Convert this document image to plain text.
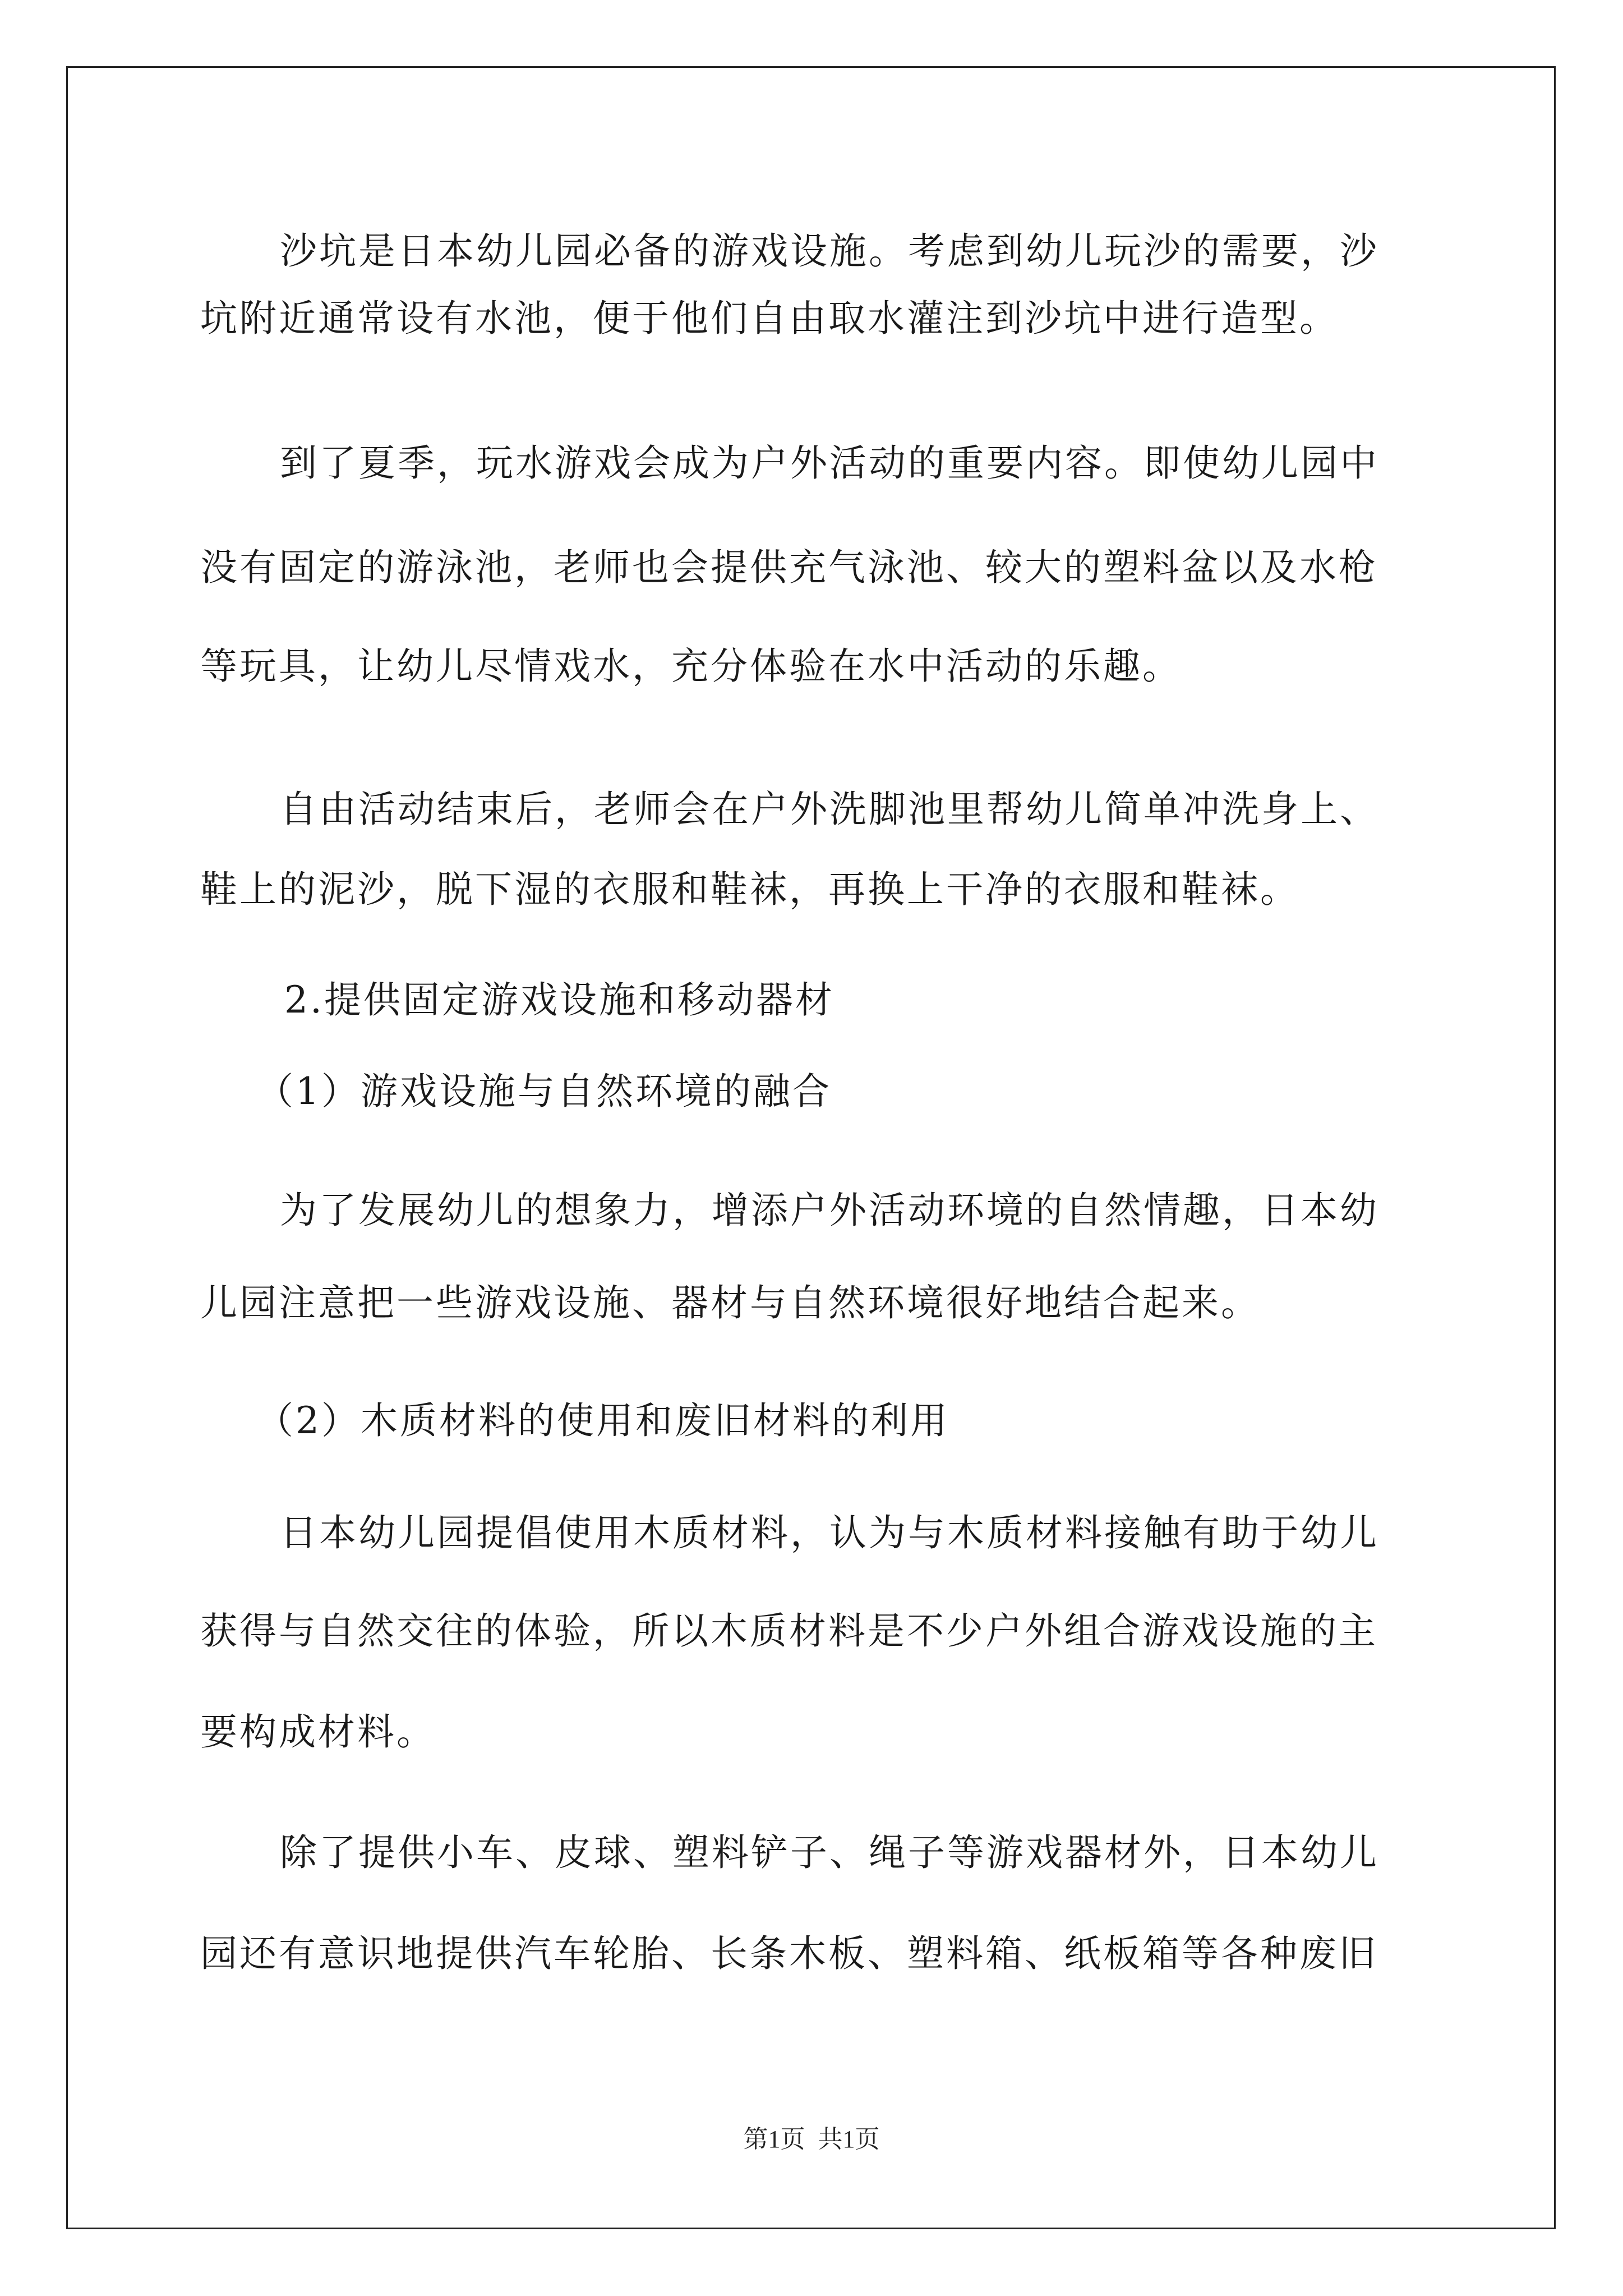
沙坑是日本幼儿园必备的游戏设施。考虑到幼儿玩沙的需要，沙
坑附近通常设有水池，便于他们自由取水灌注到沙坑中进行造型。
到了夏季，玩水游戏会成为户外活动的重要内容。即使幼儿园中
没有固定的游泳池，老师也会提供充气泳池、较大的塑料盆以及水枪
等玩具，让幼儿尽情戏水，充分体验在水中活动的乐趣。
自由活动结束后，老师会在户外洗脚池里帮幼儿简单冲洗身上、
鞋上的泥沙，脱下湿的衣服和鞋袜，再换上干净的衣服和鞋袜。
2.提供固定游戏设施和移动器材
（1）游戏设施与自然环境的融合
为了发展幼儿的想象力，增添户外活动环境的自然情趣，日本幼
儿园注意把一些游戏设施、器材与自然环境很好地结合起来。
（2）木质材料的使用和废旧材料的利用
日本幼儿园提倡使用木质材料，认为与木质材料接触有助于幼儿
获得与自然交往的体验，所以木质材料是不少户外组合游戏设施的主
要构成材料。
除了提供小车、皮球、塑料铲子、绳子等游戏器材外，日本幼儿
园还有意识地提供汽车轮胎、长条木板、塑料箱、纸板箱等各种废旧
第1页 共1页
